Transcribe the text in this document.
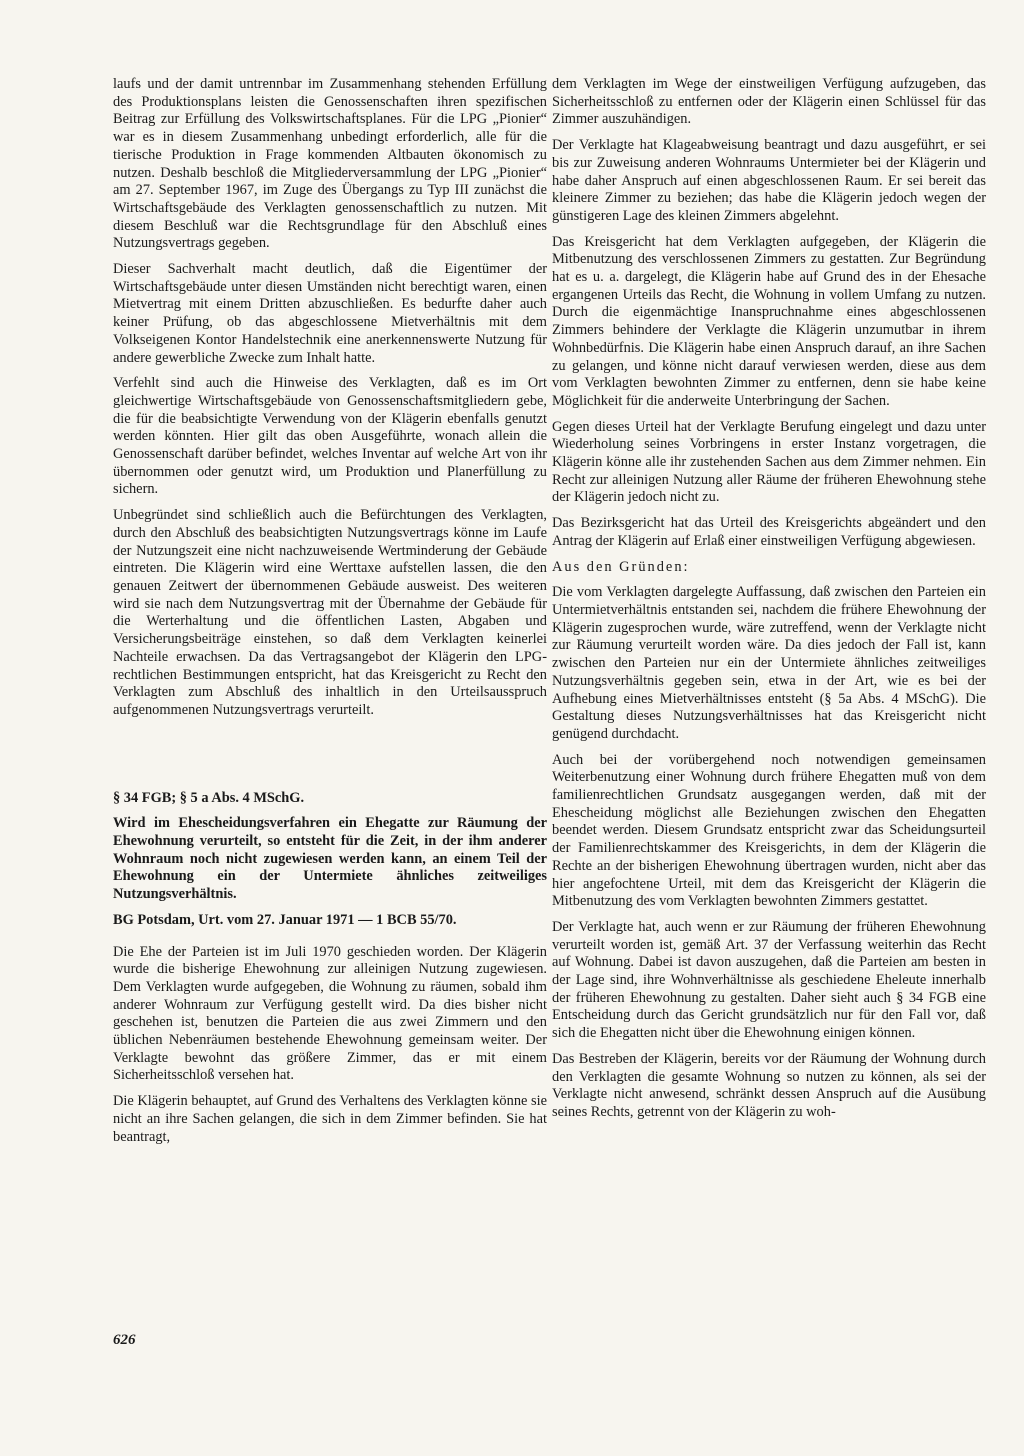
laufs und der damit untrennbar im Zusammenhang stehenden Erfüllung des Produktionsplans leisten die Genossenschaften ihren spezifischen Beitrag zur Erfüllung des Volkswirtschaftsplanes. Für die LPG „Pionier“ war es in diesem Zusammenhang unbedingt erforderlich, alle für die tierische Produktion in Frage kommenden Altbauten ökonomisch zu nutzen. Deshalb beschloß die Mitgliederversammlung der LPG „Pionier“ am 27. September 1967, im Zuge des Übergangs zu Typ III zunächst die Wirtschaftsgebäude des Verklagten genossenschaftlich zu nutzen. Mit diesem Beschluß war die Rechtsgrundlage für den Abschluß eines Nutzungsvertrags gegeben.

Dieser Sachverhalt macht deutlich, daß die Eigentümer der Wirtschaftsgebäude unter diesen Umständen nicht berechtigt waren, einen Mietvertrag mit einem Dritten abzuschließen. Es bedurfte daher auch keiner Prüfung, ob das abgeschlossene Mietverhältnis mit dem Volkseigenen Kontor Handelstechnik eine anerkennenswerte Nutzung für andere gewerbliche Zwecke zum Inhalt hatte.

Verfehlt sind auch die Hinweise des Verklagten, daß es im Ort gleichwertige Wirtschaftsgebäude von Genossenschaftsmitgliedern gebe, die für die beabsichtigte Verwendung von der Klägerin ebenfalls genutzt werden könnten. Hier gilt das oben Ausgeführte, wonach allein die Genossenschaft darüber befindet, welches Inventar auf welche Art von ihr übernommen oder genutzt wird, um Produktion und Planerfüllung zu sichern.

Unbegründet sind schließlich auch die Befürchtungen des Verklagten, durch den Abschluß des beabsichtigten Nutzungsvertrags könne im Laufe der Nutzungszeit eine nicht nachzuweisende Wertminderung der Gebäude eintreten. Die Klägerin wird eine Werttaxe aufstellen lassen, die den genauen Zeitwert der übernommenen Gebäude ausweist. Des weiteren wird sie nach dem Nutzungsvertrag mit der Übernahme der Gebäude für die Werterhaltung und die öffentlichen Lasten, Abgaben und Versicherungsbeiträge einstehen, so daß dem Verklagten keinerlei Nachteile erwachsen. Da das Vertragsangebot der Klägerin den LPG-rechtlichen Bestimmungen entspricht, hat das Kreisgericht zu Recht den Verklagten zum Abschluß des inhaltlich in den Urteilsausspruch aufgenommenen Nutzungsvertrags verurteilt.

§ 34 FGB; § 5 a Abs. 4 MSchG.

Wird im Ehescheidungsverfahren ein Ehegatte zur Räumung der Ehewohnung verurteilt, so entsteht für die Zeit, in der ihm anderer Wohnraum noch nicht zugewiesen werden kann, an einem Teil der Ehewohnung ein der Untermiete ähnliches zeitweiliges Nutzungsverhältnis.

BG Potsdam, Urt. vom 27. Januar 1971 — 1 BCB 55/70.

Die Ehe der Parteien ist im Juli 1970 geschieden worden. Der Klägerin wurde die bisherige Ehewohnung zur alleinigen Nutzung zugewiesen. Dem Verklagten wurde aufgegeben, die Wohnung zu räumen, sobald ihm anderer Wohnraum zur Verfügung gestellt wird. Da dies bisher nicht geschehen ist, benutzen die Parteien die aus zwei Zimmern und den üblichen Nebenräumen bestehende Ehewohnung gemeinsam weiter. Der Verklagte bewohnt das größere Zimmer, das er mit einem Sicherheitsschloß versehen hat.

Die Klägerin behauptet, auf Grund des Verhaltens des Verklagten könne sie nicht an ihre Sachen gelangen, die sich in dem Zimmer befinden. Sie hat beantragt,

dem Verklagten im Wege der einstweiligen Verfügung aufzugeben, das Sicherheitsschloß zu entfernen oder der Klägerin einen Schlüssel für das Zimmer auszuhändigen.

Der Verklagte hat Klageabweisung beantragt und dazu ausgeführt, er sei bis zur Zuweisung anderen Wohnraums Untermieter bei der Klägerin und habe daher Anspruch auf einen abgeschlossenen Raum. Er sei bereit das kleinere Zimmer zu beziehen; das habe die Klägerin jedoch wegen der günstigeren Lage des kleinen Zimmers abgelehnt.

Das Kreisgericht hat dem Verklagten aufgegeben, der Klägerin die Mitbenutzung des verschlossenen Zimmers zu gestatten. Zur Begründung hat es u. a. dargelegt, die Klägerin habe auf Grund des in der Ehesache ergangenen Urteils das Recht, die Wohnung in vollem Umfang zu nutzen. Durch die eigenmächtige Inanspruchnahme eines abgeschlossenen Zimmers behindere der Verklagte die Klägerin unzumutbar in ihrem Wohnbedürfnis. Die Klägerin habe einen Anspruch darauf, an ihre Sachen zu gelangen, und könne nicht darauf verwiesen werden, diese aus dem vom Verklagten bewohnten Zimmer zu entfernen, denn sie habe keine Möglichkeit für die anderweite Unterbringung der Sachen.

Gegen dieses Urteil hat der Verklagte Berufung eingelegt und dazu unter Wiederholung seines Vorbringens in erster Instanz vorgetragen, die Klägerin könne alle ihr zustehenden Sachen aus dem Zimmer nehmen. Ein Recht zur alleinigen Nutzung aller Räume der früheren Ehewohnung stehe der Klägerin jedoch nicht zu.

Das Bezirksgericht hat das Urteil des Kreisgerichts abgeändert und den Antrag der Klägerin auf Erlaß einer einstweiligen Verfügung abgewiesen.

Aus den Gründen:

Die vom Verklagten dargelegte Auffassung, daß zwischen den Parteien ein Untermietverhältnis entstanden sei, nachdem die frühere Ehewohnung der Klägerin zugesprochen wurde, wäre zutreffend, wenn der Verklagte nicht zur Räumung verurteilt worden wäre. Da dies jedoch der Fall ist, kann zwischen den Parteien nur ein der Untermiete ähnliches zeitweiliges Nutzungsverhältnis gegeben sein, etwa in der Art, wie es bei der Aufhebung eines Mietverhältnisses entsteht (§ 5a Abs. 4 MSchG). Die Gestaltung dieses Nutzungsverhältnisses hat das Kreisgericht nicht genügend durchdacht.

Auch bei der vorübergehend noch notwendigen gemeinsamen Weiterbenutzung einer Wohnung durch frühere Ehegatten muß von dem familienrechtlichen Grundsatz ausgegangen werden, daß mit der Ehescheidung möglichst alle Beziehungen zwischen den Ehegatten beendet werden. Diesem Grundsatz entspricht zwar das Scheidungsurteil der Familienrechtskammer des Kreisgerichts, in dem der Klägerin die Rechte an der bisherigen Ehewohnung übertragen wurden, nicht aber das hier angefochtene Urteil, mit dem das Kreisgericht der Klägerin die Mitbenutzung des vom Verklagten bewohnten Zimmers gestattet.

Der Verklagte hat, auch wenn er zur Räumung der früheren Ehewohnung verurteilt worden ist, gemäß Art. 37 der Verfassung weiterhin das Recht auf Wohnung. Dabei ist davon auszugehen, daß die Parteien am besten in der Lage sind, ihre Wohnverhältnisse als geschiedene Eheleute innerhalb der früheren Ehewohnung zu gestalten. Daher sieht auch § 34 FGB eine Entscheidung durch das Gericht grundsätzlich nur für den Fall vor, daß sich die Ehegatten nicht über die Ehewohnung einigen können.

Das Bestreben der Klägerin, bereits vor der Räumung der Wohnung durch den Verklagten die gesamte Wohnung so nutzen zu können, als sei der Verklagte nicht anwesend, schränkt dessen Anspruch auf die Ausübung seines Rechts, getrennt von der Klägerin zu woh-

626
